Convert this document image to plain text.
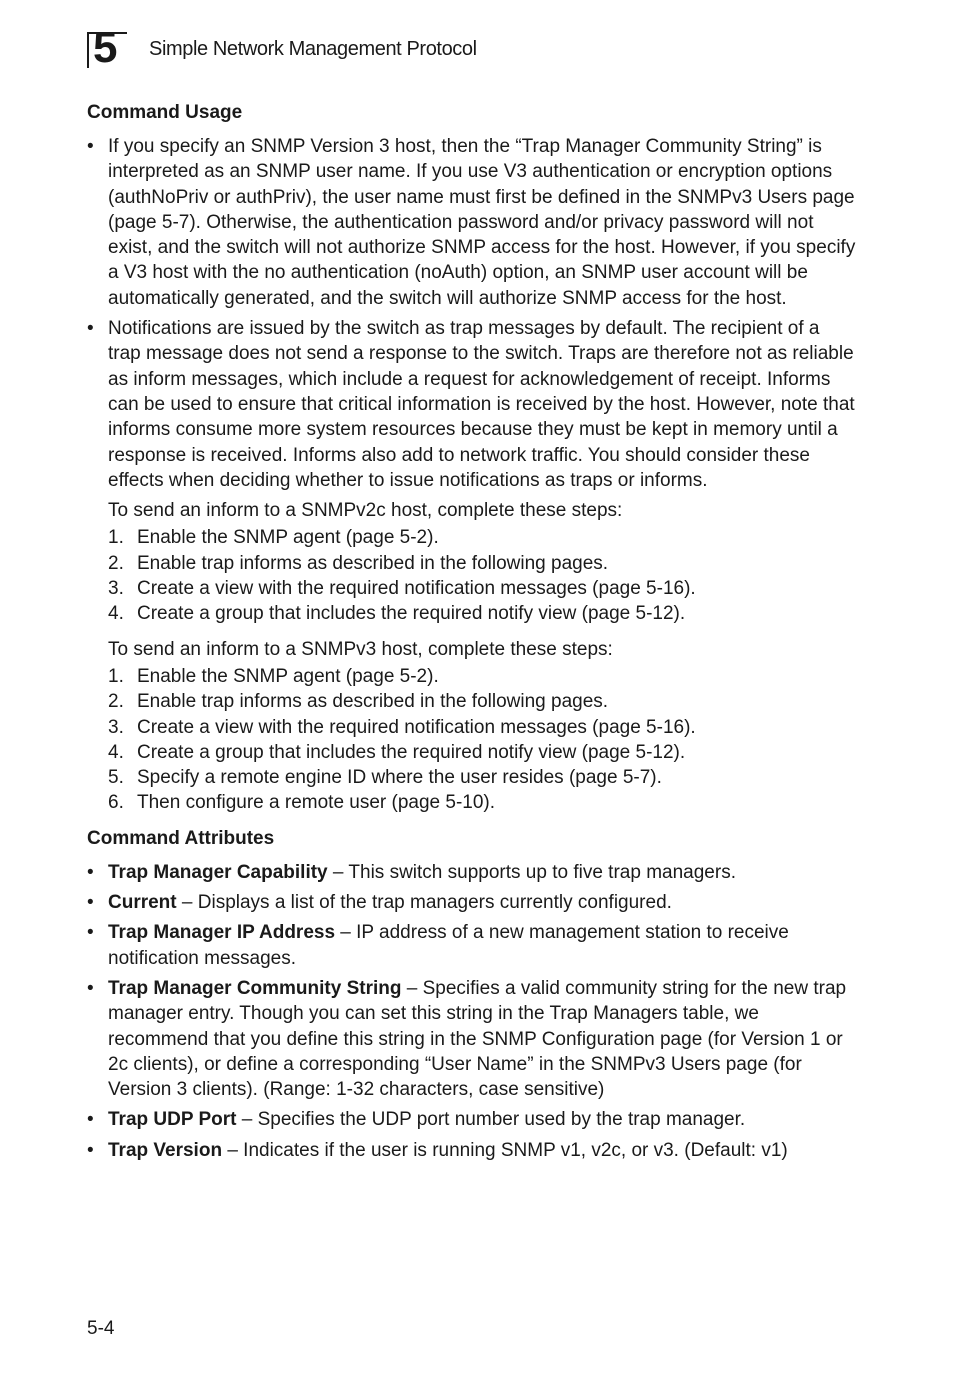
5 Simple Network Management Protocol
Command Usage
• If you specify an SNMP Version 3 host, then the “Trap Manager Community String” is interpreted as an SNMP user name. If you use V3 authentication or encryption options (authNoPriv or authPriv), the user name must first be defined in the SNMPv3 Users page (page 5-7). Otherwise, the authentication password and/or privacy password will not exist, and the switch will not authorize SNMP access for the host. However, if you specify a V3 host with the no authentication (noAuth) option, an SNMP user account will be automatically generated, and the switch will authorize SNMP access for the host.
• Notifications are issued by the switch as trap messages by default. The recipient of a trap message does not send a response to the switch. Traps are therefore not as reliable as inform messages, which include a request for acknowledgement of receipt. Informs can be used to ensure that critical information is received by the host. However, note that informs consume more system resources because they must be kept in memory until a response is received. Informs also add to network traffic. You should consider these effects when deciding whether to issue notifications as traps or informs.
To send an inform to a SNMPv2c host, complete these steps:
1. Enable the SNMP agent (page 5-2).
2. Enable trap informs as described in the following pages.
3. Create a view with the required notification messages (page 5-16).
4. Create a group that includes the required notify view (page 5-12).
To send an inform to a SNMPv3 host, complete these steps:
1. Enable the SNMP agent (page 5-2).
2. Enable trap informs as described in the following pages.
3. Create a view with the required notification messages (page 5-16).
4. Create a group that includes the required notify view (page 5-12).
5. Specify a remote engine ID where the user resides (page 5-7).
6. Then configure a remote user (page 5-10).
Command Attributes
• Trap Manager Capability – This switch supports up to five trap managers.
• Current – Displays a list of the trap managers currently configured.
• Trap Manager IP Address – IP address of a new management station to receive notification messages.
• Trap Manager Community String – Specifies a valid community string for the new trap manager entry. Though you can set this string in the Trap Managers table, we recommend that you define this string in the SNMP Configuration page (for Version 1 or 2c clients), or define a corresponding “User Name” in the SNMPv3 Users page (for Version 3 clients). (Range: 1-32 characters, case sensitive)
• Trap UDP Port – Specifies the UDP port number used by the trap manager.
• Trap Version – Indicates if the user is running SNMP v1, v2c, or v3. (Default: v1)
5-4
